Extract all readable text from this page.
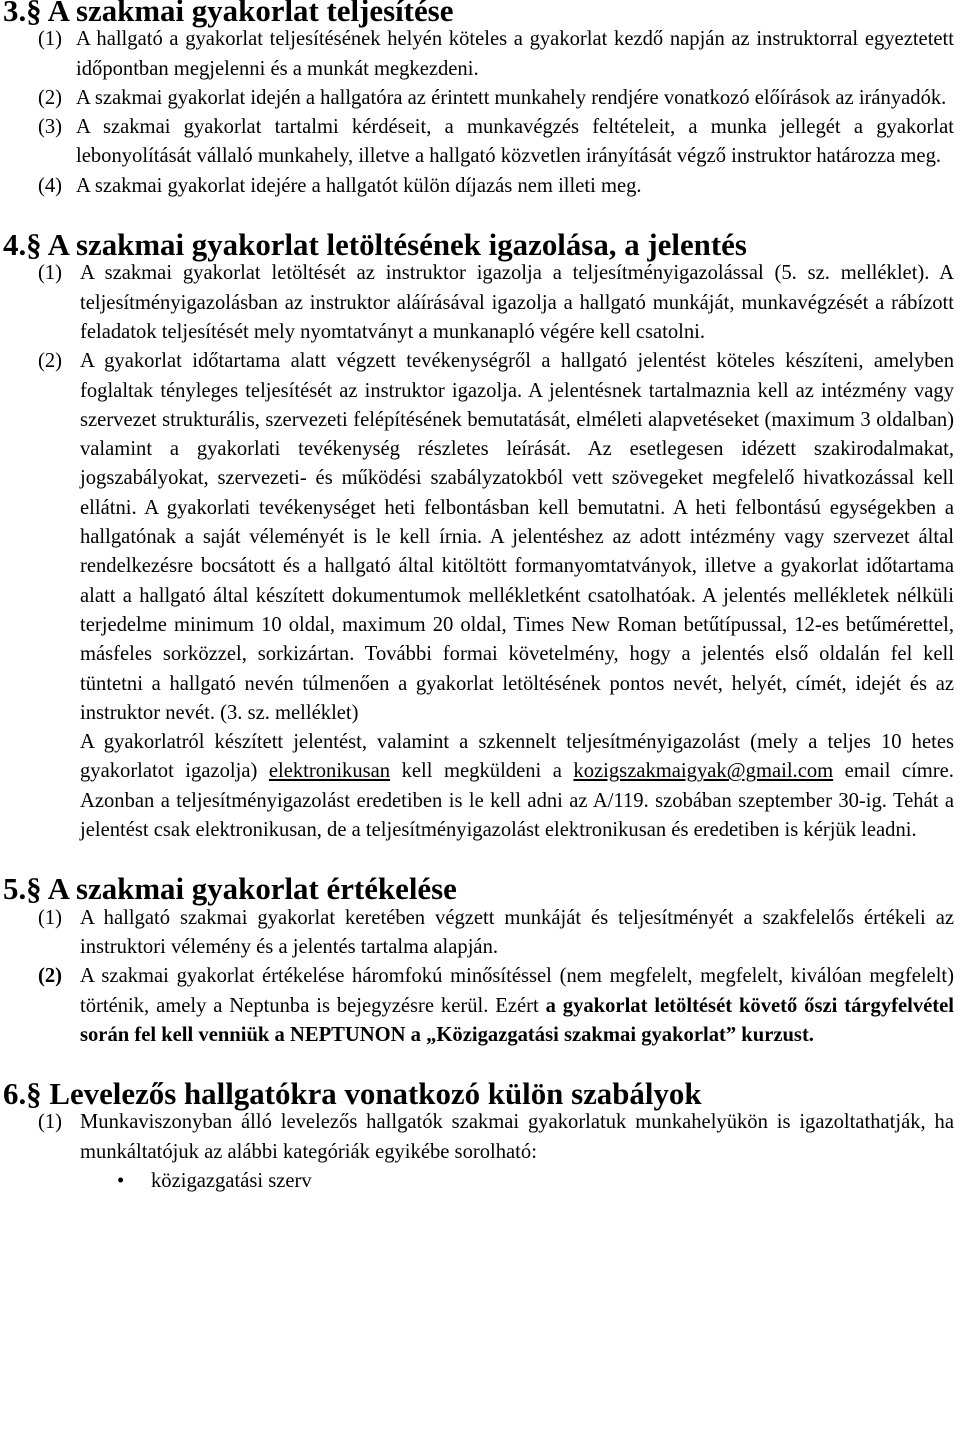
3.§ A szakmai gyakorlat teljesítése

(1) A hallgató a gyakorlat teljesítésének helyén köteles a gyakorlat kezdő napján az instruktorral egyeztetett időpontban megjelenni és a munkát megkezdeni.

(2) A szakmai gyakorlat idején a hallgatóra az érintett munkahely rendjére vonatkozó előírások az irányadók.

(3) A szakmai gyakorlat tartalmi kérdéseit, a munkavégzés feltételeit, a munka jellegét a gyakorlat lebonyolítását vállaló munkahely, illetve a hallgató közvetlen irányítását végző instruktor határozza meg.

(4) A szakmai gyakorlat idejére a hallgatót külön díjazás nem illeti meg.

4.§ A szakmai gyakorlat letöltésének igazolása, a jelentés

(1) A szakmai gyakorlat letöltését az instruktor igazolja a teljesítményigazolással (5. sz. melléklet). A teljesítményigazolásban az instruktor aláírásával igazolja a hallgató munkáját, munkavégzését a rábízott feladatok teljesítését mely nyomtatványt a munkanapló végére kell csatolni.

(2) A gyakorlat időtartama alatt végzett tevékenységről a hallgató jelentést köteles készíteni, amelyben foglaltak tényleges teljesítését az instruktor igazolja. A jelentésnek tartalmaznia kell az intézmény vagy szervezet strukturális, szervezeti felépítésének bemutatását, elméleti alapvetéseket (maximum 3 oldalban) valamint a gyakorlati tevékenység részletes leírását. Az esetlegesen idézett szakirodalmakat, jogszabályokat, szervezeti- és működési szabályzatokból vett szövegeket megfelelő hivatkozással kell ellátni. A gyakorlati tevékenységet heti felbontásban kell bemutatni. A heti felbontású egységekben a hallgatónak a saját véleményét is le kell írnia. A jelentéshez az adott intézmény vagy szervezet által rendelkezésre bocsátott és a hallgató által kitöltött formanyomtatványok, illetve a gyakorlat időtartama alatt a hallgató által készített dokumentumok mellékletként csatolhatóak. A jelentés mellékletek nélküli terjedelme minimum 10 oldal, maximum 20 oldal, Times New Roman betűtípussal, 12-es betűmérettel, másfeles sorközzel, sorkizártan. További formai követelmény, hogy a jelentés első oldalán fel kell tüntetni a hallgató nevén túlmenően a gyakorlat letöltésének pontos nevét, helyét, címét, idejét és az instruktor nevét. (3. sz. melléklet)

A gyakorlatról készített jelentést, valamint a szkennelt teljesítményigazolást (mely a teljes 10 hetes gyakorlatot igazolja) elektronikusan kell megküldeni a kozigszakmaigyak@gmail.com email címre. Azonban a teljesítményigazolást eredetiben is le kell adni az A/119. szobában szeptember 30-ig. Tehát a jelentést csak elektronikusan, de a teljesítményigazolást elektronikusan és eredetiben is kérjük leadni.

5.§ A szakmai gyakorlat értékelése

(1) A hallgató szakmai gyakorlat keretében végzett munkáját és teljesítményét a szakfelelős értékeli az instruktori vélemény és a jelentés tartalma alapján.

(2) A szakmai gyakorlat értékelése háromfokú minősítéssel (nem megfelelt, megfelelt, kiválóan megfelelt) történik, amely a Neptunba is bejegyzésre kerül. Ezért a gyakorlat letöltését követő őszi tárgyfelvétel során fel kell venniük a NEPTUNON a „Közigazgatási szakmai gyakorlat” kurzust.

6.§ Levelezős hallgatókra vonatkozó külön szabályok

(1) Munkaviszonyban álló levelezős hallgatók szakmai gyakorlatuk munkahelyükön is igazoltathatják, ha munkáltatójuk az alábbi kategóriák egyikébe sorolható:

• közigazgatási szerv
